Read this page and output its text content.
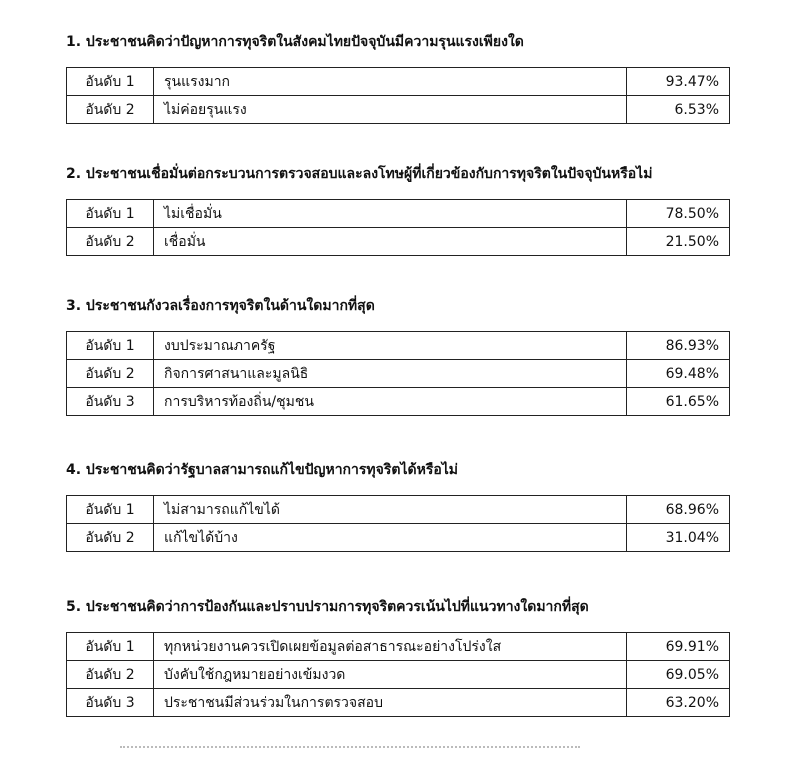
1. ประชาชนคิดว่าปัญหาการทุจริตในสังคมไทยปัจจุบันมีความรุนแรงเพียงใด
อันดับ 1	รุนแรงมาก	93.47%
อันดับ 2	ไม่ค่อยรุนแรง	6.53%
2. ประชาชนเชื่อมั่นต่อกระบวนการตรวจสอบและลงโทษผู้ที่เกี่ยวข้องกับการทุจริตในปัจจุบันหรือไม่
อันดับ 1	ไม่เชื่อมั่น	78.50%
อันดับ 2	เชื่อมั่น	21.50%
3. ประชาชนกังวลเรื่องการทุจริตในด้านใดมากที่สุด
อันดับ 1	งบประมาณภาครัฐ	86.93%
อันดับ 2	กิจการศาสนาและมูลนิธิ	69.48%
อันดับ 3	การบริหารท้องถิ่น/ชุมชน	61.65%
4. ประชาชนคิดว่ารัฐบาลสามารถแก้ไขปัญหาการทุจริตได้หรือไม่
อันดับ 1	ไม่สามารถแก้ไขได้	68.96%
อันดับ 2	แก้ไขได้บ้าง	31.04%
5. ประชาชนคิดว่าการป้องกันและปราบปรามการทุจริตควรเน้นไปที่แนวทางใดมากที่สุด
อันดับ 1	ทุกหน่วยงานควรเปิดเผยข้อมูลต่อสาธารณะอย่างโปร่งใส	69.91%
อันดับ 2	บังคับใช้กฎหมายอย่างเข้มงวด	69.05%
อันดับ 3	ประชาชนมีส่วนร่วมในการตรวจสอบ	63.20%
